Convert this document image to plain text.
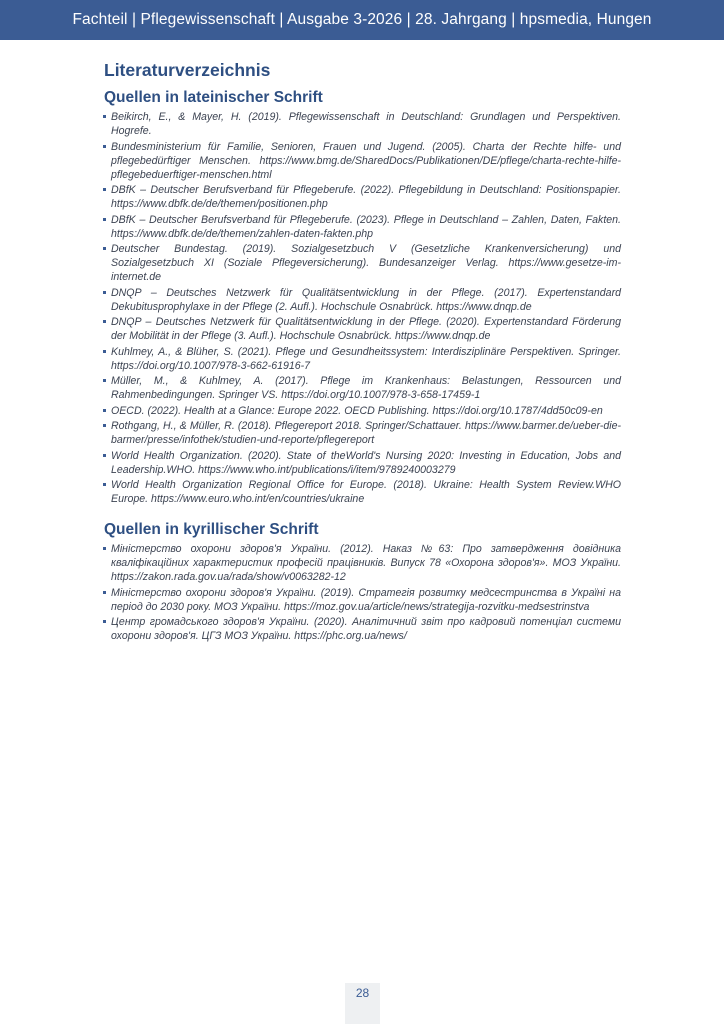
Fachteil | Pflegewissenschaft | Ausgabe 3-2026 | 28. Jahrgang | hpsmedia, Hungen
Literaturverzeichnis
Quellen in lateinischer Schrift
Beikirch, E., & Mayer, H. (2019). Pflegewissenschaft in Deutschland: Grundlagen und Perspektiven. Hogrefe.
Bundesministerium für Familie, Senioren, Frauen und Jugend. (2005). Charta der Rechte hilfe- und pflegebedürftiger Menschen. https://www.bmg.de/SharedDocs/Publikationen/DE/pflege/charta-rechte-hilfe-pflegebeduerftiger-menschen.html
DBfK – Deutscher Berufsverband für Pflegeberufe. (2022). Pflegebildung in Deutschland: Positionspapier. https://www.dbfk.de/de/themen/positionen.php
DBfK – Deutscher Berufsverband für Pflegeberufe. (2023). Pflege in Deutschland – Zahlen, Daten, Fakten. https://www.dbfk.de/de/themen/zahlen-daten-fakten.php
Deutscher Bundestag. (2019). Sozialgesetzbuch V (Gesetzliche Krankenversicherung) und Sozialgesetzbuch XI (Soziale Pflegeversicherung). Bundesanzeiger Verlag. https://www.gesetze-im-internet.de
DNQP – Deutsches Netzwerk für Qualitätsentwicklung in der Pflege. (2017). Expertenstandard Dekubitusprophylaxe in der Pflege (2. Aufl.). Hochschule Osnabrück. https://www.dnqp.de
DNQP – Deutsches Netzwerk für Qualitätsentwicklung in der Pflege. (2020). Expertenstandard Förderung der Mobilität in der Pflege (3. Aufl.). Hochschule Osnabrück. https://www.dnqp.de
Kuhlmey, A., & Blüher, S. (2021). Pflege und Gesundheitssystem: Interdisziplinäre Perspektiven. Springer. https://doi.org/10.1007/978-3-662-61916-7
Müller, M., & Kuhlmey, A. (2017). Pflege im Krankenhaus: Belastungen, Ressourcen und Rahmenbedingungen. Springer VS. https://doi.org/10.1007/978-3-658-17459-1
OECD. (2022). Health at a Glance: Europe 2022. OECD Publishing. https://doi.org/10.1787/4dd50c09-en
Rothgang, H., & Müller, R. (2018). Pflegereport 2018. Springer/Schattauer. https://www.barmer.de/ueber-die-barmer/presse/infothek/studien-und-reporte/pflegereport
World Health Organization. (2020). State of theWorld's Nursing 2020: Investing in Education, Jobs and Leadership.WHO. https://www.who.int/publications/i/item/9789240003279
World Health Organization Regional Office for Europe. (2018). Ukraine: Health System Review.WHO Europe. https://www.euro.who.int/en/countries/ukraine
Quellen in kyrillischer Schrift
Міністерство охорони здоров'я України. (2012). Наказ №63: Про затвердження довідника кваліфікаційних характеристик професій працівників. Випуск 78 «Охорона здоров'я». МОЗ України. https://zakon.rada.gov.ua/rada/show/v0063282-12
Міністерство охорони здоров'я України. (2019). Стратегія розвитку медсестринства в Україні на період до 2030 року. МОЗ України. https://moz.gov.ua/article/news/strategija-rozvitku-medsestrinstva
Центр громадського здоров'я України. (2020). Аналітичний звіт про кадровий потенціал системи охорони здоров'я. ЦГЗ МОЗ України. https://phc.org.ua/news/
28
